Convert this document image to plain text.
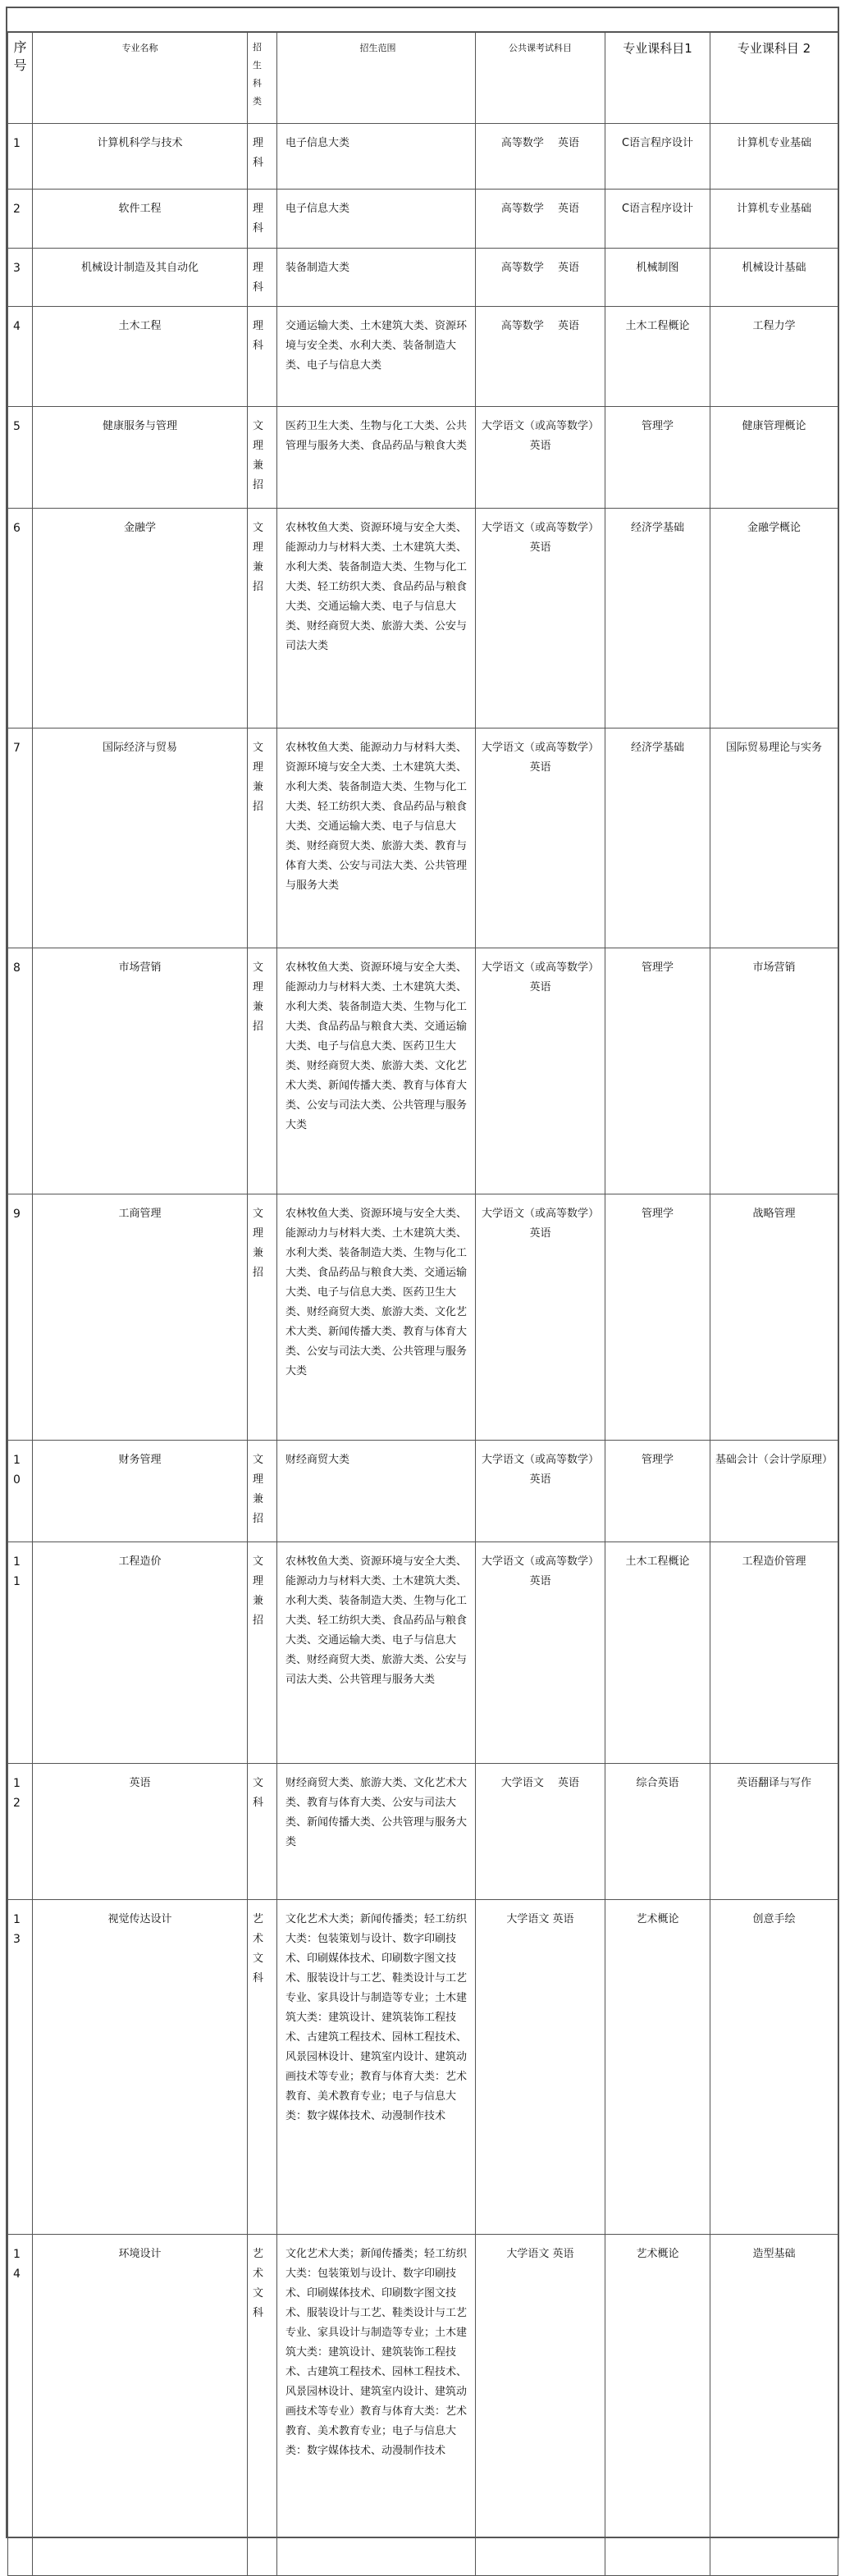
序号	专业名称	招生科类	招生范围	公共课考试科目	专业课科目1	专业课科目 2
1	计算机科学与技术	理科	电子信息大类	高等数学　 英语	C语言程序设计	计算机专业基础
2	软件工程	理科	电子信息大类	高等数学　 英语	C语言程序设计	计算机专业基础
3	机械设计制造及其自动化	理科	装备制造大类	高等数学　 英语	机械制图	机械设计基础
4	土木工程	理科	交通运输大类、土木建筑大类、资源环境与安全类、水利大类、装备制造大类、电子与信息大类	高等数学　 英语	土木工程概论	工程力学
5	健康服务与管理	文理兼招	医药卫生大类、生物与化工大类、公共管理与服务大类、食品药品与粮食大类	大学语文（或高等数学）英语	管理学	健康管理概论
6	金融学	文理兼招	农林牧鱼大类、资源环境与安全大类、能源动力与材料大类、土木建筑大类、水利大类、装备制造大类、生物与化工大类、轻工纺织大类、食品药品与粮食大类、交通运输大类、电子与信息大类、财经商贸大类、旅游大类、公安与司法大类	大学语文（或高等数学）英语	经济学基础	金融学概论
7	国际经济与贸易	文理兼招	农林牧鱼大类、能源动力与材料大类、资源环境与安全大类、土木建筑大类、水利大类、装备制造大类、生物与化工大类、轻工纺织大类、食品药品与粮食大类、交通运输大类、电子与信息大类、财经商贸大类、旅游大类、教育与体育大类、公安与司法大类、公共管理与服务大类	大学语文（或高等数学）英语	经济学基础	国际贸易理论与实务
8	市场营销	文理兼招	农林牧鱼大类、资源环境与安全大类、能源动力与材料大类、土木建筑大类、水利大类、装备制造大类、生物与化工大类、食品药品与粮食大类、交通运输大类、电子与信息大类、医药卫生大类、财经商贸大类、旅游大类、文化艺术大类、新闻传播大类、教育与体育大类、公安与司法大类、公共管理与服务大类	大学语文（或高等数学）英语	管理学	市场营销
9	工商管理	文理兼招	农林牧鱼大类、资源环境与安全大类、能源动力与材料大类、土木建筑大类、水利大类、装备制造大类、生物与化工大类、食品药品与粮食大类、交通运输大类、电子与信息大类、医药卫生大类、财经商贸大类、旅游大类、文化艺术大类、新闻传播大类、教育与体育大类、公安与司法大类、公共管理与服务大类	大学语文（或高等数学）英语	管理学	战略管理
10	财务管理	文理兼招	财经商贸大类	大学语文（或高等数学）英语	管理学	基础会计（会计学原理）
11	工程造价	文理兼招	农林牧鱼大类、资源环境与安全大类、能源动力与材料大类、土木建筑大类、水利大类、装备制造大类、生物与化工大类、轻工纺织大类、食品药品与粮食大类、交通运输大类、电子与信息大类、财经商贸大类、旅游大类、公安与司法大类、公共管理与服务大类	大学语文（或高等数学）英语	土木工程概论	工程造价管理
12	英语	文科	财经商贸大类、旅游大类、文化艺术大类、教育与体育大类、公安与司法大类、新闻传播大类、公共管理与服务大类	大学语文　 英语	综合英语	英语翻译与写作
13	视觉传达设计	艺术文科	文化艺术大类；新闻传播类；轻工纺织大类：包装策划与设计、数字印刷技术、印刷媒体技术、印刷数字图文技术、服装设计与工艺、鞋类设计与工艺专业、家具设计与制造等专业；土木建筑大类：建筑设计、建筑装饰工程技术、古建筑工程技术、园林工程技术、风景园林设计、建筑室内设计、建筑动画技术等专业；教育与体育大类：艺术教育、美术教育专业；电子与信息大类：数字媒体技术、动漫制作技术	大学语文 英语	艺术概论	创意手绘
14	环境设计	艺术文科	文化艺术大类；新闻传播类；轻工纺织大类：包装策划与设计、数字印刷技术、印刷媒体技术、印刷数字图文技术、服装设计与工艺、鞋类设计与工艺专业、家具设计与制造等专业；土木建筑大类：建筑设计、建筑装饰工程技术、古建筑工程技术、园林工程技术、风景园林设计、建筑室内设计、建筑动画技术等专业）教育与体育大类：艺术教育、美术教育专业；电子与信息大类：数字媒体技术、动漫制作技术	大学语文 英语	艺术概论	造型基础
